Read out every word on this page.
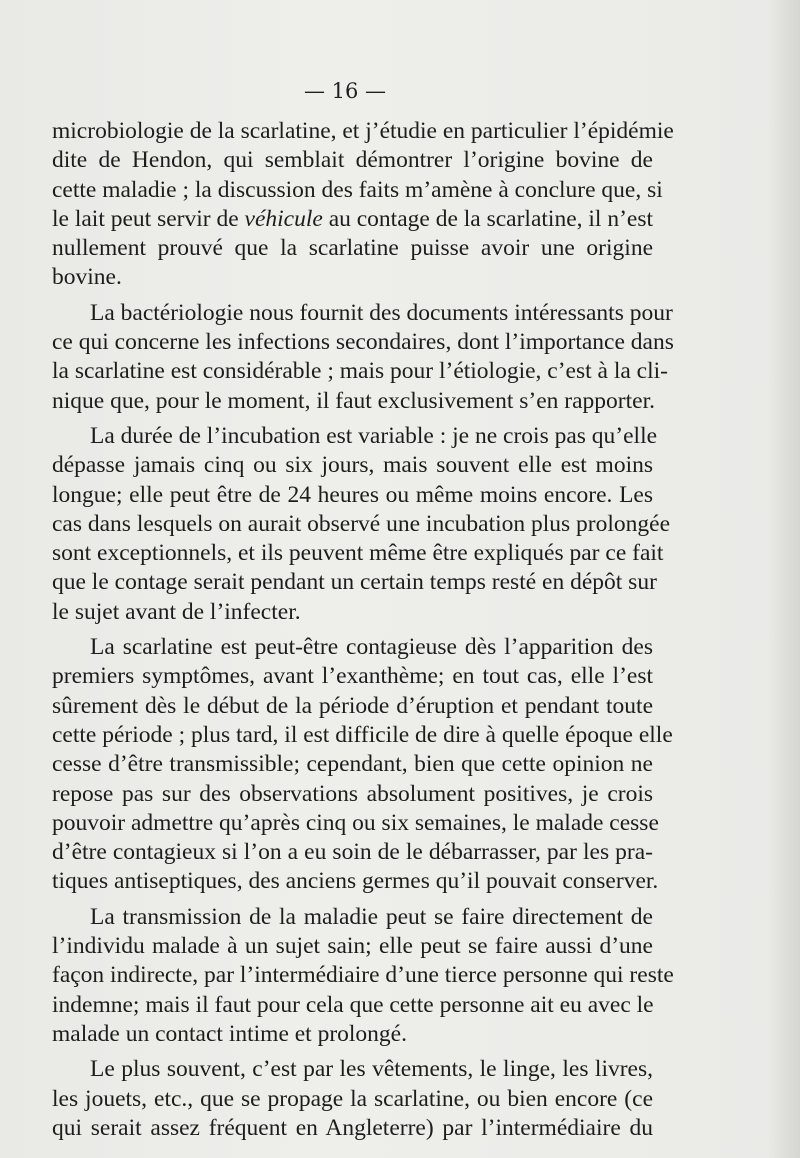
— 16 —
microbiologie de la scarlatine, et j’étudie en particulier l’épidémie
dite de Hendon, qui semblait démontrer l’origine bovine de
cette maladie ; la discussion des faits m’amène à conclure que, si
le lait peut servir de véhicule au contage de la scarlatine, il n’est
nullement prouvé que la scarlatine puisse avoir une origine
bovine.
La bactériologie nous fournit des documents intéressants pour
ce qui concerne les infections secondaires, dont l’importance dans
la scarlatine est considérable ; mais pour l’étiologie, c’est à la cli-
nique que, pour le moment, il faut exclusivement s’en rapporter.
La durée de l’incubation est variable : je ne crois pas qu’elle
dépasse jamais cinq ou six jours, mais souvent elle est moins
longue; elle peut être de 24 heures ou même moins encore. Les
cas dans lesquels on aurait observé une incubation plus prolongée
sont exceptionnels, et ils peuvent même être expliqués par ce fait
que le contage serait pendant un certain temps resté en dépôt sur
le sujet avant de l’infecter.
La scarlatine est peut-être contagieuse dès l’apparition des
premiers symptômes, avant l’exanthème; en tout cas, elle l’est
sûrement dès le début de la période d’éruption et pendant toute
cette période ; plus tard, il est difficile de dire à quelle époque elle
cesse d’être transmissible; cependant, bien que cette opinion ne
repose pas sur des observations absolument positives, je crois
pouvoir admettre qu’après cinq ou six semaines, le malade cesse
d’être contagieux si l’on a eu soin de le débarrasser, par les pra-
tiques antiseptiques, des anciens germes qu’il pouvait conserver.
La transmission de la maladie peut se faire directement de
l’individu malade à un sujet sain; elle peut se faire aussi d’une
façon indirecte, par l’intermédiaire d’une tierce personne qui reste
indemne; mais il faut pour cela que cette personne ait eu avec le
malade un contact intime et prolongé.
Le plus souvent, c’est par les vêtements, le linge, les livres,
les jouets, etc., que se propage la scarlatine, ou bien encore (ce
qui serait assez fréquent en Angleterre) par l’intermédiaire du
